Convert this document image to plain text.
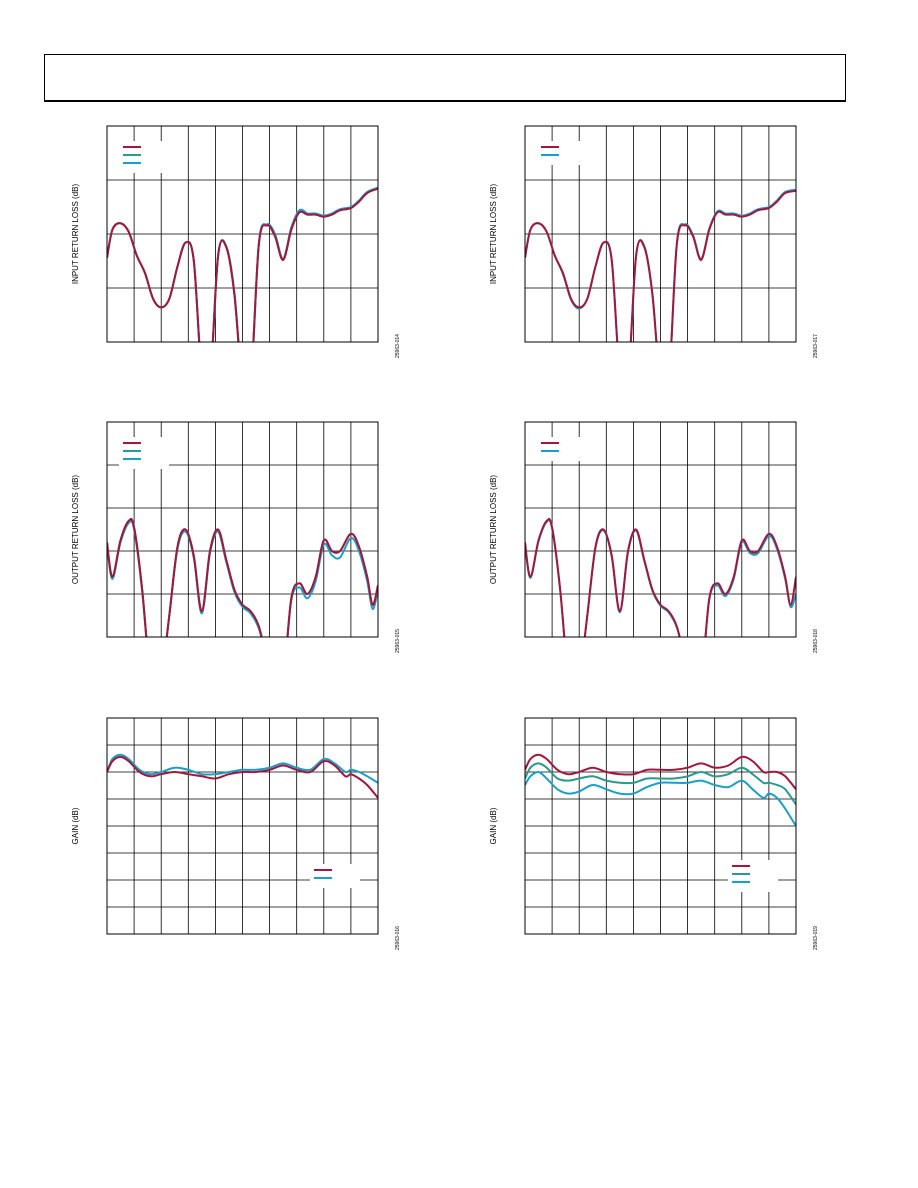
INPUT RETURN LOSS (dB)
25963-014
INPUT RETURN LOSS (dB)
25963-017
OUTPUT RETURN LOSS (dB)
25963-015
OUTPUT RETURN LOSS (dB)
25963-018
GAIN (dB)
25963-016
GAIN (dB)
25963-019
